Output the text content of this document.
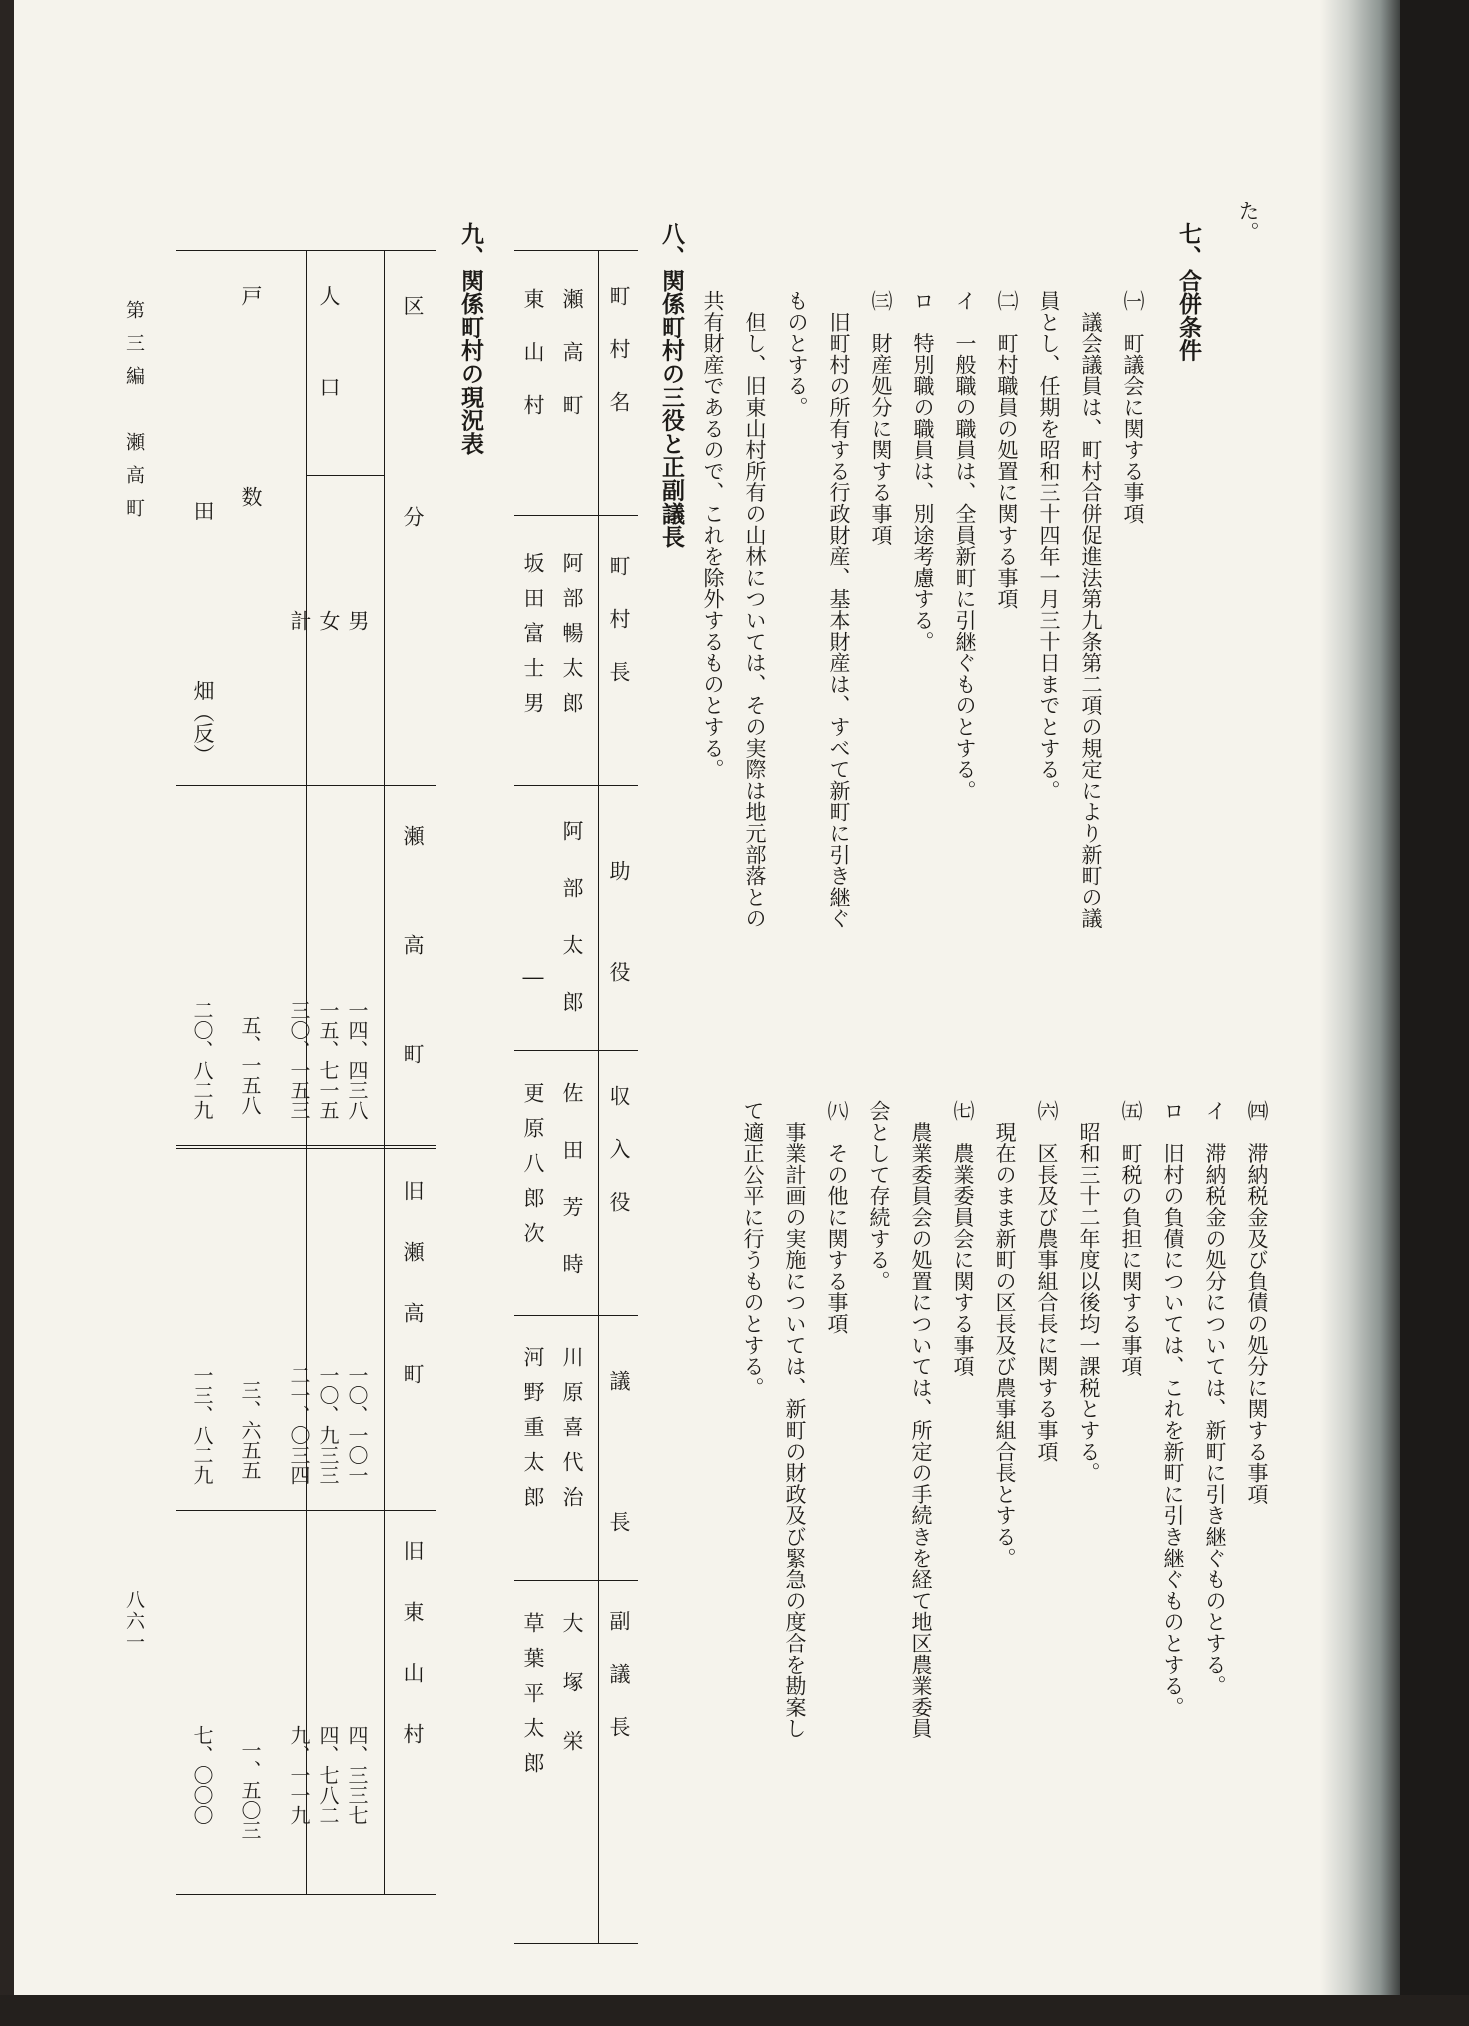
た。
七、合併条件
㈠　町議会に関する事項
　議会議員は、町村合併促進法第九条第二項の規定により新町の議
員とし、任期を昭和三十四年一月三十日までとする。
㈡　町村職員の処置に関する事項
イ　一般職の職員は、全員新町に引継ぐものとする。
ロ　特別職の職員は、別途考慮する。
㈢　財産処分に関する事項
　旧町村の所有する行政財産、基本財産は、すべて新町に引き継ぐ
ものとする。
　但し、旧東山村所有の山林については、その実際は地元部落との
共有財産であるので、これを除外するものとする。
㈣　滞納税金及び負債の処分に関する事項
イ　滞納税金の処分については、新町に引き継ぐものとする。
ロ　旧村の負債については、これを新町に引き継ぐものとする。
㈤　町税の負担に関する事項
　昭和三十二年度以後均一課税とする。
㈥　区長及び農事組合長に関する事項
　現在のまま新町の区長及び農事組合長とする。
㈦　農業委員会に関する事項
　農業委員会の処置については、所定の手続きを経て地区農業委員
会として存続する。
㈧　その他に関する事項
　事業計画の実施については、新町の財政及び緊急の度合を勘案し
て適正公平に行うものとする。
八、関係町村の三役と正副議長
町村名
町村長
助役
収入役
議長
副議長
瀬高町
阿部暢太郎
阿部太郎
佐田芳時
川原喜代治
大塚栄
東山村
坂田富士男
―
更原八郎次
河野重太郎
草葉平太郎
九、関係町村の現況表
区分
瀬高町
旧瀬高町
旧東山村
人口
男
女
計
戸数
田
畑（反）
一四、四三八
一五、七一五
三〇、一五三
五、一五八
二〇、八二九
一〇、一〇一
一〇、九三三
二一、〇三四
三、六五五
一三、八二九
四、三三七
四、七八二
九、一一九
一、五〇三
七、〇〇〇
第三編　瀬高町
八六一
